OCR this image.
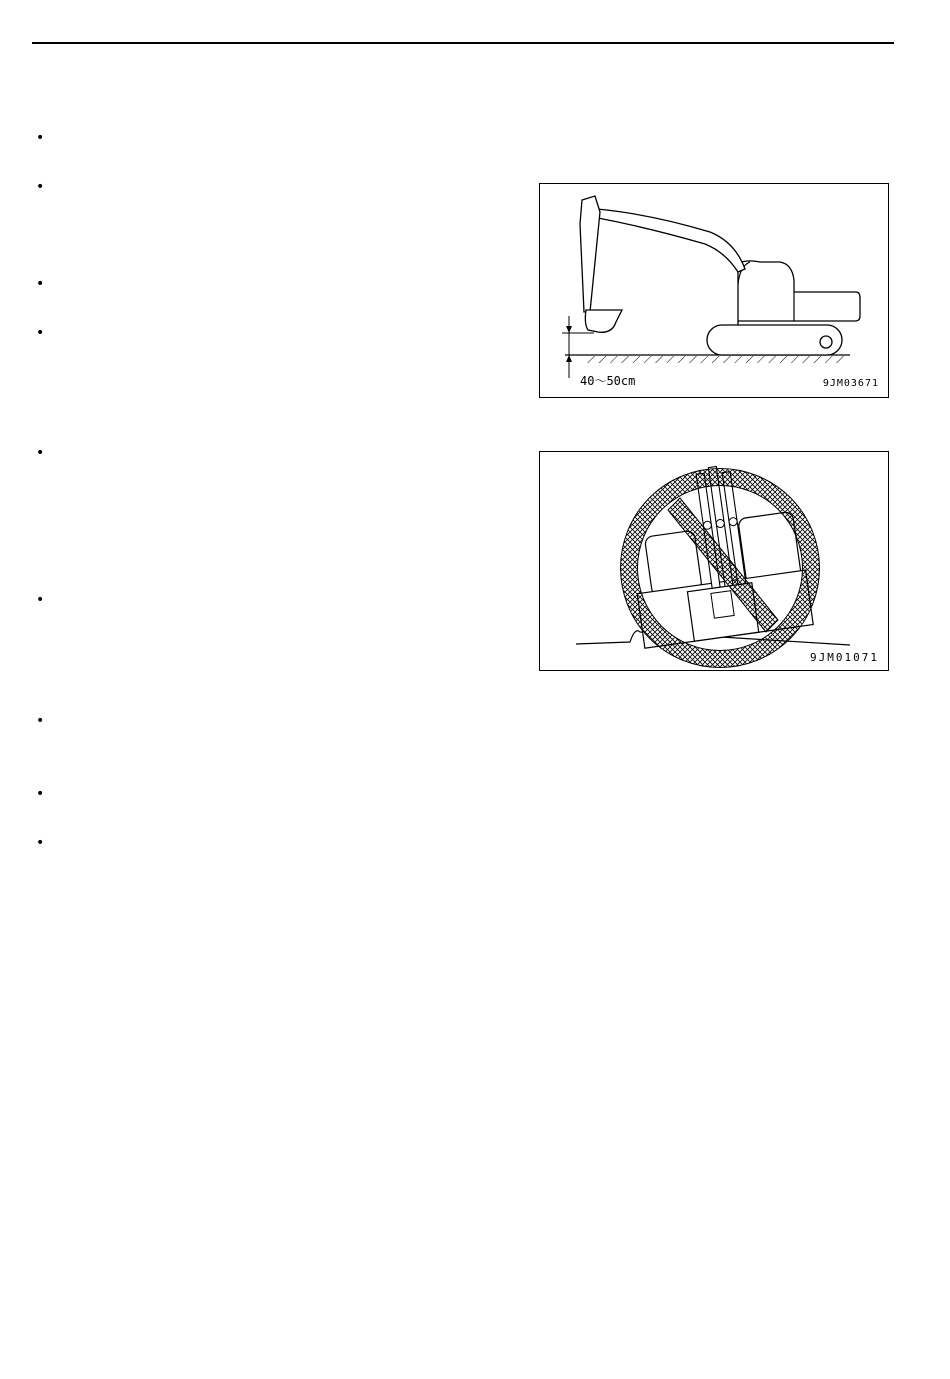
•
•
•
•
•
•
•
•
•
40〜50cm	9JM03671
9JM01071
